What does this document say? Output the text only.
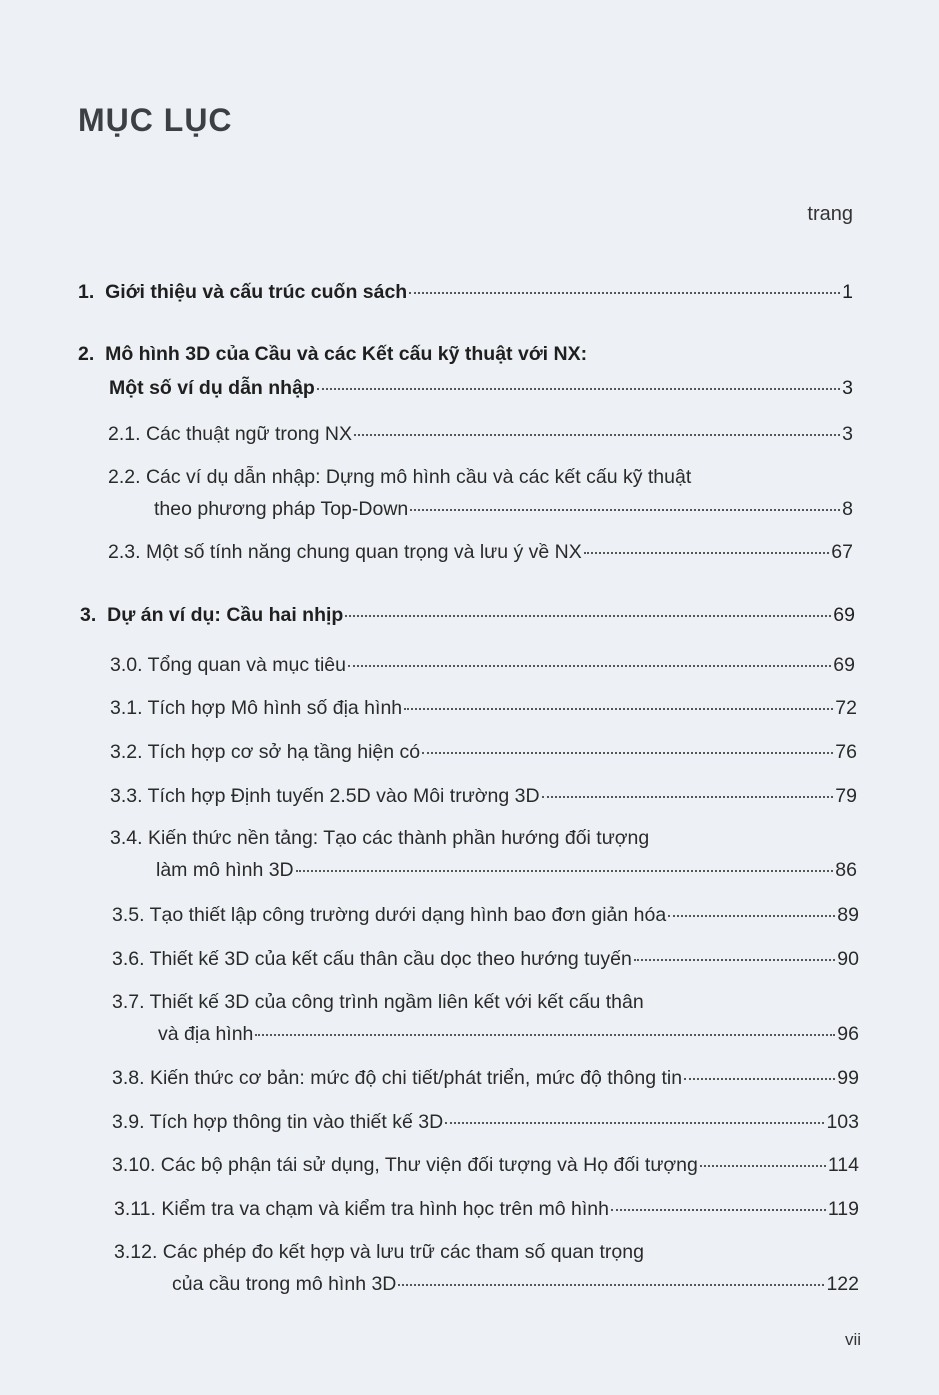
MỤC LỤC
trang
1. Giới thiệu và cấu trúc cuốn sách	1
2. Mô hình 3D của Cầu và các Kết cấu kỹ thuật với NX:
Một số ví dụ dẫn nhập	3
2.1. Các thuật ngữ trong NX	3
2.2. Các ví dụ dẫn nhập: Dựng mô hình cầu và các kết cấu kỹ thuật
theo phương pháp Top-Down	8
2.3. Một số tính năng chung quan trọng và lưu ý về NX	67
3. Dự án ví dụ: Cầu hai nhịp	69
3.0. Tổng quan và mục tiêu	69
3.1. Tích hợp Mô hình số địa hình	72
3.2. Tích hợp cơ sở hạ tầng hiện có	76
3.3. Tích hợp Định tuyến 2.5D vào Môi trường 3D	79
3.4. Kiến thức nền tảng: Tạo các thành phần hướng đối tượng
làm mô hình 3D	86
3.5. Tạo thiết lập công trường dưới dạng hình bao đơn giản hóa	89
3.6. Thiết kế 3D của kết cấu thân cầu dọc theo hướng tuyến	90
3.7. Thiết kế 3D của công trình ngầm liên kết với kết cấu thân
và địa hình	96
3.8. Kiến thức cơ bản: mức độ chi tiết/phát triển, mức độ thông tin	99
3.9. Tích hợp thông tin vào thiết kế 3D	103
3.10. Các bộ phận tái sử dụng, Thư viện đối tượng và Họ đối tượng	114
3.11. Kiểm tra va chạm và kiểm tra hình học trên mô hình	119
3.12. Các phép đo kết hợp và lưu trữ các tham số quan trọng
của cầu trong mô hình 3D	122
vii
